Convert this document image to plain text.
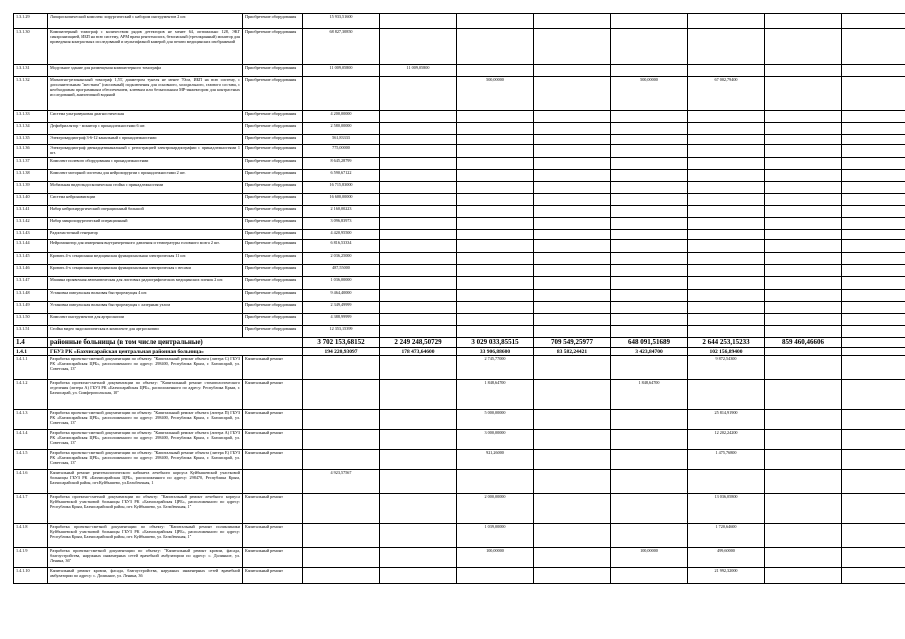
1.3.1.29	Лапароскопический комплекс хирургический с набором инструментов 2 шт.	Приобретение оборудования	15 933,51600							
1.3.1.30	Компьютерный томограф с количеством рядов детекторов не менее 64, оптимально 128, ЭКГ синхронизацией, ИБП на всю систему, АРМ врача рентгенолога, безопасный (трехэкранный) монитор для проведения контрастных исследований и мультифазной камерой для печати медицинских изображений	Приобретение оборудования	68 827,30850							
1.3.1.31	Модульное здание для размещения компьютерного томографа	Приобретение оборудования	11 009,05800	11 009,05800						
1.3.1.32	Магнитно-резонансный томограф 1,5Т, диаметром тунеля не менее 70см, ИБП на всю систему, с дополнительным "жестким" (пассивный) подключения для основного, холодильного, газового состава, с необходимым программным обеспечением, клеевым или безыгольным МР-инжектором для контрастных исследований, анизотипной водяной	Приобретение оборудования			500,00000		500,00000	67 002,79400		
1.3.1.33	Система ультразвуковая диагностическая	Приобретение оборудования	4 200,00000							
1.3.1.34	Дефибриллятор - монитор с принадлежностями 6 шт.	Приобретение оборудования	2 580,00000							
1.3.1.35	Электрокардиограф 3-6-12 канальный с принадлежностями	Приобретение оборудования	561,83333							
1.3.1.36	Электрокардиограф двенадцатиканальный с регистрацией электрокардиографии с принадлежностями 1 шт.	Приобретение оборудования	775,00000							
1.3.1.37	Комплект полевого оборудования с принадлежностями	Приобретение оборудования	8 645,28799							
1.3.1.38	Комплект моторной системы для нейрохирургии с принадлежностями 2 шт.	Приобретение оборудования	6 590,67122							
1.3.1.39	Мобильная видеоэндоскопическая стойка с принадлежностями	Приобретение оборудования	16 715,83000							
1.3.1.40	Система нейронавигации	Приобретение оборудования	16 600,00000							
1.3.1.41	Набор нейрохирургический операционный большой	Приобретение оборудования	2 160,00223							
1.3.1.42	Набор микрохирургический операционный	Приобретение оборудования	3 096,83973							
1.3.1.43	Радиочастотный генератор	Приобретение оборудования	4 420,95500							
1.3.1.44	Нейромонитор для измерения внутричерепного давления и температуры головного мозга 2 шт.	Приобретение оборудования	6 816,53334							
1.3.1.45	Кровать 4-х секционная медицинская функциональная электрическая 11 шт.	Приобретение оборудования	2 036,25000							
1.3.1.46	Кровать 4-х секционная медицинская функциональная электрическая с весами	Приобретение оборудования	487,55000							
1.3.1.47	Машина проявочная автоматическая для листовых радиографических медицинских пленок 2 шт.	Приобретение оборудования	1 036,00000							
1.3.1.48	Установка импульсная волновая быстрорежущая 4 шт.	Приобретение оборудования	9 464,40000							
1.3.1.49	Установка импульсная волновая быстрорежущая с лазерным узлом	Приобретение оборудования	2 349,49999							
1.3.1.50	Комплект инструментов для артроскопии	Приобретение оборудования	4 388,99999							
1.3.1.51	Стойка видео эндоскопическая в комплекте для артроскопии	Приобретение оборудования	12 353,15399							
1.4	районные больницы (в том числе центральные)		3 702 153,68152	2 249 248,50729	3 029 033,85515	709 549,25977	648 091,51689	2 644 253,15233	859 460,46606	
1.4.1	ГБУЗ РК «Бахчисарайская центральная районная больница»		194 220,93097	178 473,64600	33 906,88600	83 582,24421	3 423,84700	102 156,89400		
1.4.1.1	Разработка проектно-сметной документации по объекту: "Капитальный ремонт объекта (литера С) ГБУЗ РК «Бахчисарайская ЦРБ», расположенного по адресу: 298400, Республика Крым, г. Бахчисарай, ул. Советская, 13"	Капитальный ремонт			2 745,77000			9 872,54300		
1.4.1.2	Разработка проектно-сметной документации по объекту: "Капитальный ремонт стоматологического отделения (литера А) ГБУЗ РК «Бахчисарайская ЦРБ», расположенного по адресу: Республика Крым, г. Бахчисарай, ул. Симферопольская, 10"	Капитальный ремонт			1 848,64700		1 848,64700			
1.4.1.3	Разработка проектно-сметной документации по объекту: "Капитальный ремонт объекта (литера П) ГБУЗ РК «Бахчисарайская ЦРБ», расположенного по адресу: 298400, Республика Крым, г. Бахчисарай, ул. Советская, 13"	Капитальный ремонт			5 000,00000			25 814,91900		
1.4.1.4	Разработка проектно-сметной документации по объекту: "Капитальный ремонт объекта (литера А) ГБУЗ РК «Бахчисарайская ЦРБ», расположенного по адресу: 298400, Республика Крым, г. Бахчисарай, ул. Советская, 13"	Капитальный ремонт			3 000,00000			12 202,24200		
1.4.1.5	Разработка проектно-сметной документации по объекту: "Капитальный ремонт объекта (литера Е) ГБУЗ РК «Бахчисарайская ЦРБ», расположенного по адресу: 298400, Республика Крым, г. Бахчисарай, ул. Советская, 13"	Капитальный ремонт			921,26000			1 475,76800		
1.4.1.6	Капитальный ремонт рентгенологического кабинета лечебного корпуса Куйбышевской участковой больницы ГБУЗ РК «Бахчисарайская ЦРБ», расположенного по адресу: 298470, Республика Крым, Бахчисарайский район, пгт.Куйбышево, ул.Бельбекчная, 1		4 923,57567							
1.4.1.7	Разработка проектно-сметной документации по объекту: "Капитальный ремонт лечебного корпуса Куйбышевской участковой больницы ГБУЗ РК «Бахчисарайская ЦРБ», расположенного по адресу: Республика Крым, Бахчисарайский район, пгт. Куйбышево, ул. Бельбекчная, 1"	Капитальный ремонт			2 000,00000			13 036,05800		
1.4.1.8	Разработка проектно-сметной документации по объекту: "Капитальный ремонт поликлиники Куйбышевской участковой больницы ГБУЗ РК «Бахчисарайская ЦРБ», расположенного по адресу: Республика Крым, Бахчисарайский район, пгт. Куйбышево, ул. Бельбекчная, 1"	Капитальный ремонт			1 039,00000			1 720,64600		
1.4.1.9	Разработка проектно-сметной документации по объекту: "Капитальный ремонт кровли, фасада, благоустройства, наружных инженерных сетей врачебной амбулатории по адресу: с. Долинное, ул. Ленина, 36"	Капитальный ремонт			100,00000		100,00000	499,60000		
1.4.1.10	Капитальный ремонт кровли, фасада, благоустройства, наружных инженерных сетей врачебной амбулатории по адресу: с. Долинное, ул. Ленина, 36	Капитальный ремонт						21 992,32000		
